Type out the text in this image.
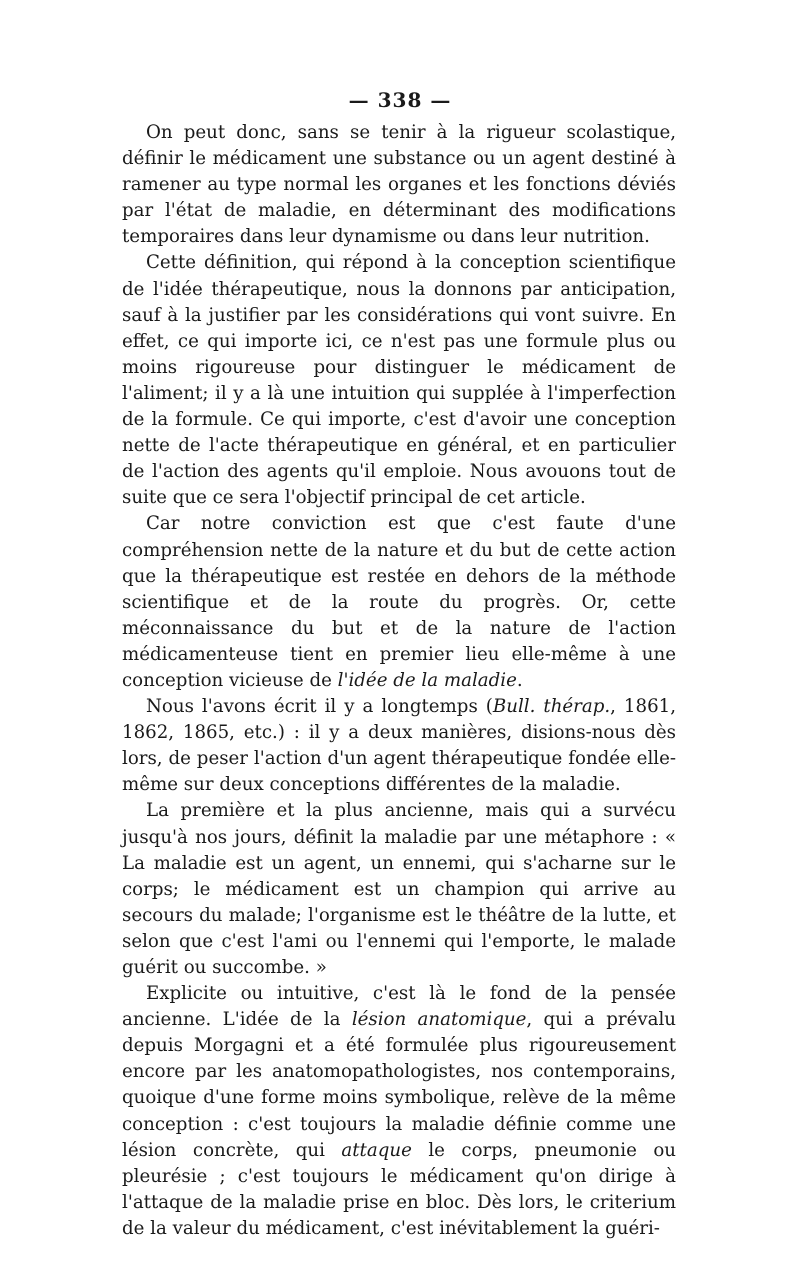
— 338 —

On peut donc, sans se tenir à la rigueur scolastique, définir le médicament une substance ou un agent destiné à ramener au type normal les organes et les fonctions déviés par l'état de maladie, en déterminant des modifications temporaires dans leur dynamisme ou dans leur nutrition.

Cette définition, qui répond à la conception scientifique de l'idée thérapeutique, nous la donnons par anticipation, sauf à la justifier par les considérations qui vont suivre. En effet, ce qui importe ici, ce n'est pas une formule plus ou moins rigoureuse pour distinguer le médicament de l'aliment; il y a là une intuition qui supplée à l'imperfection de la formule. Ce qui importe, c'est d'avoir une conception nette de l'acte thérapeutique en général, et en particulier de l'action des agents qu'il emploie. Nous avouons tout de suite que ce sera l'objectif principal de cet article.

Car notre conviction est que c'est faute d'une compréhension nette de la nature et du but de cette action que la thérapeutique est restée en dehors de la méthode scientifique et de la route du progrès. Or, cette méconnaissance du but et de la nature de l'action médicamenteuse tient en premier lieu elle-même à une conception vicieuse de l'idée de la maladie.

Nous l'avons écrit il y a longtemps (Bull. thérap., 1861, 1862, 1865, etc.) : il y a deux manières, disions-nous dès lors, de peser l'action d'un agent thérapeutique fondée elle-même sur deux conceptions différentes de la maladie.

La première et la plus ancienne, mais qui a survécu jusqu'à nos jours, définit la maladie par une métaphore : « La maladie est un agent, un ennemi, qui s'acharne sur le corps; le médicament est un champion qui arrive au secours du malade; l'organisme est le théâtre de la lutte, et selon que c'est l'ami ou l'ennemi qui l'emporte, le malade guérit ou succombe. »

Explicite ou intuitive, c'est là le fond de la pensée ancienne. L'idée de la lésion anatomique, qui a prévalu depuis Morgagni et a été formulée plus rigoureusement encore par les anatomopathologistes, nos contemporains, quoique d'une forme moins symbolique, relève de la même conception : c'est toujours la maladie définie comme une lésion concrète, qui attaque le corps, pneumonie ou pleurésie ; c'est toujours le médicament qu'on dirige à l'attaque de la maladie prise en bloc. Dès lors, le criterium de la valeur du médicament, c'est inévitablement la guéri-
